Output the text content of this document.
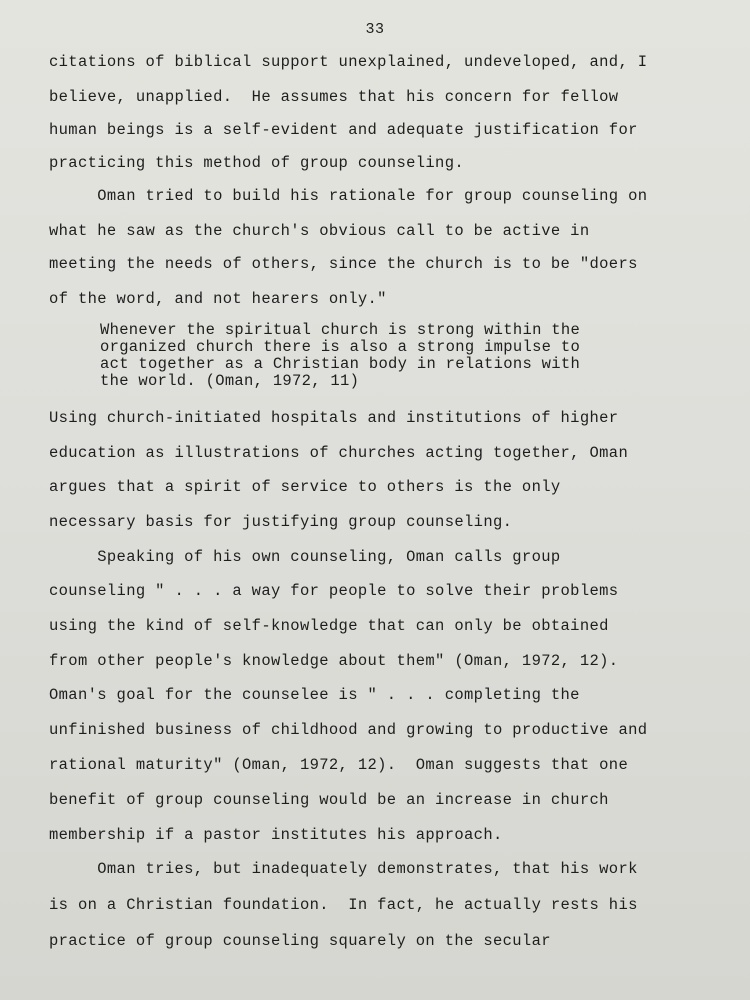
33
citations of biblical support unexplained, undeveloped, and, I
believe, unapplied.  He assumes that his concern for fellow
human beings is a self-evident and adequate justification for
practicing this method of group counseling.
Oman tried to build his rationale for group counseling on
what he saw as the church's obvious call to be active in
meeting the needs of others, since the church is to be "doers
of the word, and not hearers only."
Whenever the spiritual church is strong within the
organized church there is also a strong impulse to
act together as a Christian body in relations with
the world. (Oman, 1972, 11)
Using church-initiated hospitals and institutions of higher
education as illustrations of churches acting together, Oman
argues that a spirit of service to others is the only
necessary basis for justifying group counseling.
Speaking of his own counseling, Oman calls group
counseling " . . . a way for people to solve their problems
using the kind of self-knowledge that can only be obtained
from other people's knowledge about them" (Oman, 1972, 12).
Oman's goal for the counselee is " . . . completing the
unfinished business of childhood and growing to productive and
rational maturity" (Oman, 1972, 12).  Oman suggests that one
benefit of group counseling would be an increase in church
membership if a pastor institutes his approach.
Oman tries, but inadequately demonstrates, that his work
is on a Christian foundation.  In fact, he actually rests his
practice of group counseling squarely on the secular
